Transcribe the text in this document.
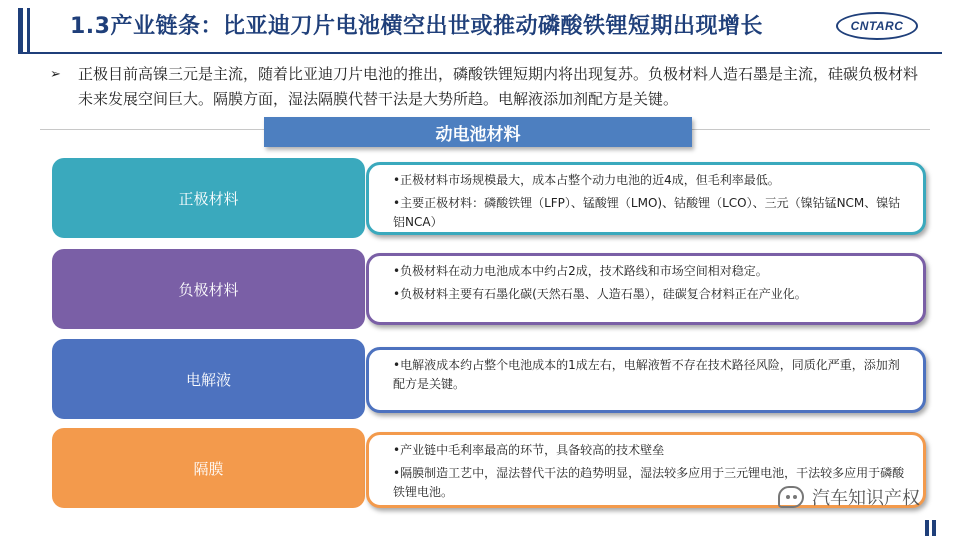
1.3产业链条：比亚迪刀片电池横空出世或推动磷酸铁锂短期出现增长	CNTARC
➢	正极目前高镍三元是主流，随着比亚迪刀片电池的推出，磷酸铁锂短期内将出现复苏。负极材料人造石墨是主流，硅碳负极材料未来发展空间巨大。隔膜方面，湿法隔膜代替干法是大势所趋。电解液添加剂配方是关键。
动电池材料
正极材料
•正极材料市场规模最大，成本占整个动力电池的近4成，但毛利率最低。
•主要正极材料：磷酸铁锂（LFP）、锰酸锂（LMO)、钴酸锂（LCO）、三元（镍钴锰NCM、镍钴铝NCA）
负极材料
•负极材料在动力电池成本中约占2成，技术路线和市场空间相对稳定。
•负极材料主要有石墨化碳(天然石墨、人造石墨），硅碳复合材料正在产业化。
电解液
•电解液成本约占整个电池成本的1成左右，电解液暂不存在技术路径风险，同质化严重，添加剂配方是关键。
隔膜
•产业链中毛利率最高的环节，具备较高的技术壁垒
•隔膜制造工艺中，湿法替代干法的趋势明显，湿法较多应用于三元锂电池，干法较多应用于磷酸铁锂电池。	汽车知识产权
